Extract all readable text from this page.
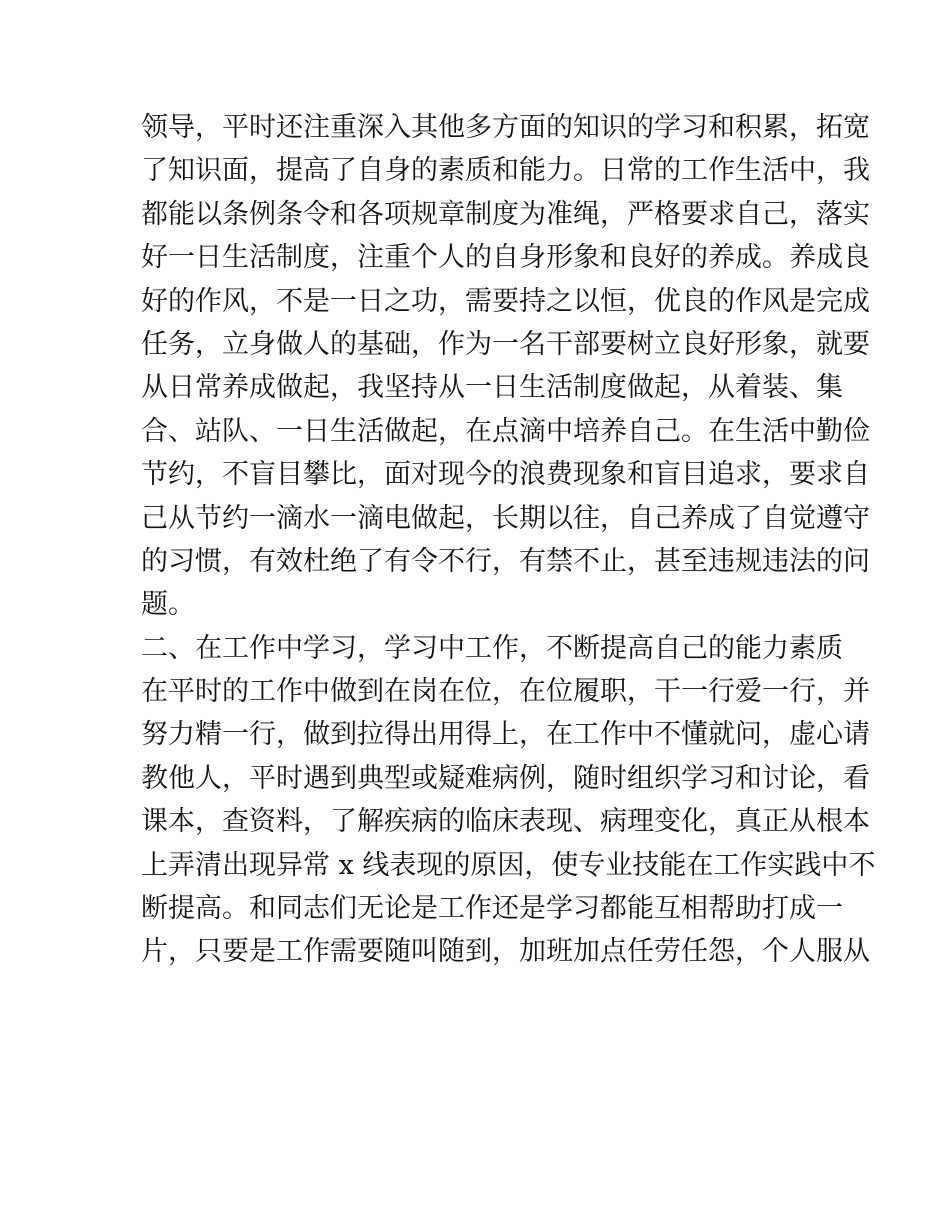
领导，平时还注重深入其他多方面的知识的学习和积累，拓宽
了知识面，提高了自身的素质和能力。日常的工作生活中，我
都能以条例条令和各项规章制度为准绳，严格要求自己，落实
好一日生活制度，注重个人的自身形象和良好的养成。养成良
好的作风，不是一日之功，需要持之以恒，优良的作风是完成
任务，立身做人的基础，作为一名干部要树立良好形象，就要
从日常养成做起，我坚持从一日生活制度做起，从着装、集
合、站队、一日生活做起，在点滴中培养自己。在生活中勤俭
节约，不盲目攀比，面对现今的浪费现象和盲目追求，要求自
己从节约一滴水一滴电做起，长期以往，自己养成了自觉遵守
的习惯，有效杜绝了有令不行，有禁不止，甚至违规违法的问
题。
二、在工作中学习，学习中工作，不断提高自己的能力素质
在平时的工作中做到在岗在位，在位履职，干一行爱一行，并
努力精一行，做到拉得出用得上，在工作中不懂就问，虚心请
教他人，平时遇到典型或疑难病例，随时组织学习和讨论，看
课本，查资料，了解疾病的临床表现、病理变化，真正从根本
上弄清出现异常 x 线表现的原因，使专业技能在工作实践中不
断提高。和同志们无论是工作还是学习都能互相帮助打成一
片，只要是工作需要随叫随到，加班加点任劳任怨，个人服从
